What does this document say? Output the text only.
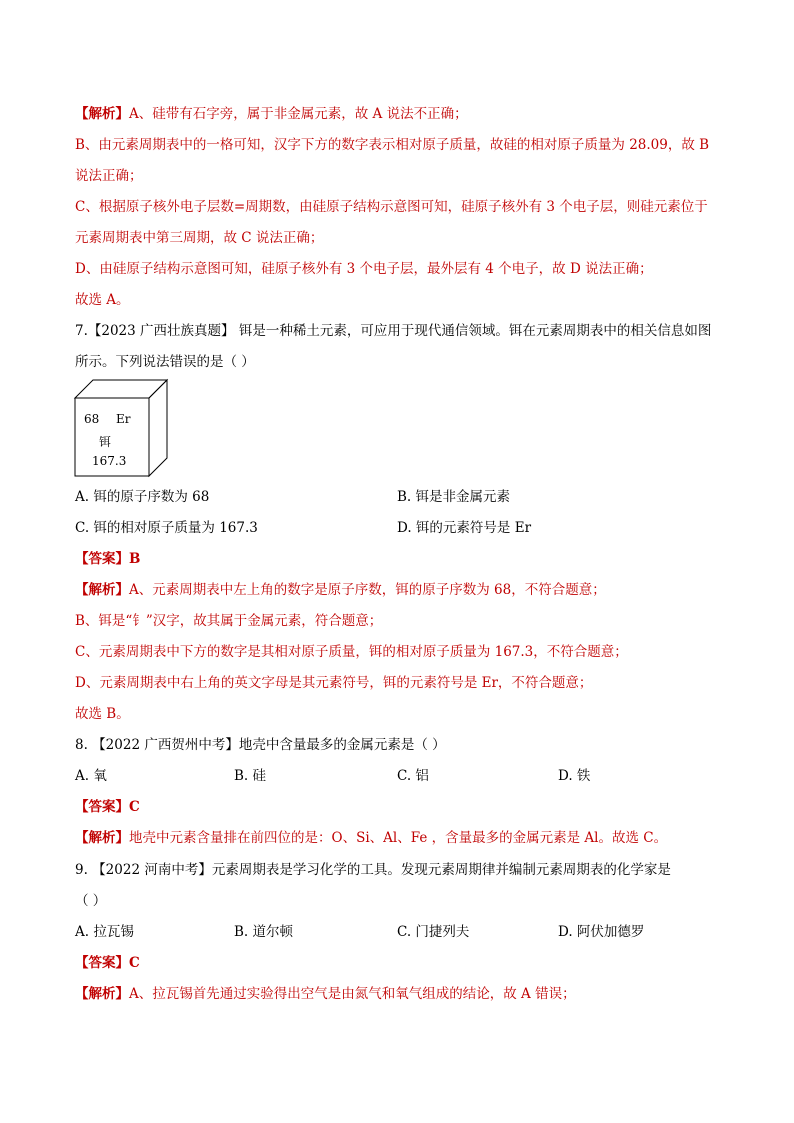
【解析】A、硅带有石字旁，属于非金属元素，故 A 说法不正确；
B、由元素周期表中的一格可知，汉字下方的数字表示相对原子质量，故硅的相对原子质量为 28.09，故 B
说法正确；
C、根据原子核外电子层数=周期数，由硅原子结构示意图可知，硅原子核外有 3 个电子层，则硅元素位于
元素周期表中第三周期，故 C 说法正确；
D、由硅原子结构示意图可知，硅原子核外有 3 个电子层，最外层有 4 个电子，故 D 说法正确；
故选 A。
7.【2023 广西壮族真题】 铒是一种稀土元素，可应用于现代通信领域。铒在元素周期表中的相关信息如图
所示。下列说法错误的是（ ）
68 Er
铒
167.3
A. 铒的原子序数为 68	B. 铒是非金属元素
C. 铒的相对原子质量为 167.3	D. 铒的元素符号是 Er
【答案】B
【解析】A、元素周期表中左上角的数字是原子序数，铒的原子序数为 68，不符合题意；
B、铒是“钅”汉字，故其属于金属元素，符合题意；
C、元素周期表中下方的数字是其相对原子质量，铒的相对原子质量为 167.3，不符合题意；
D、元素周期表中右上角的英文字母是其元素符号，铒的元素符号是 Er，不符合题意；
故选 B。
8. 【2022 广西贺州中考】地壳中含量最多的金属元素是（ ）
A. 氧	B. 硅	C. 铝	D. 铁
【答案】C
【解析】地壳中元素含量排在前四位的是：O、Si、Al、Fe ，含量最多的金属元素是 Al。故选 C。
9. 【2022 河南中考】元素周期表是学习化学的工具。发现元素周期律并编制元素周期表的化学家是
（ ）
A. 拉瓦锡	B. 道尔顿	C. 门捷列夫	D. 阿伏加德罗
【答案】C
【解析】A、拉瓦锡首先通过实验得出空气是由氮气和氧气组成的结论，故 A 错误；
